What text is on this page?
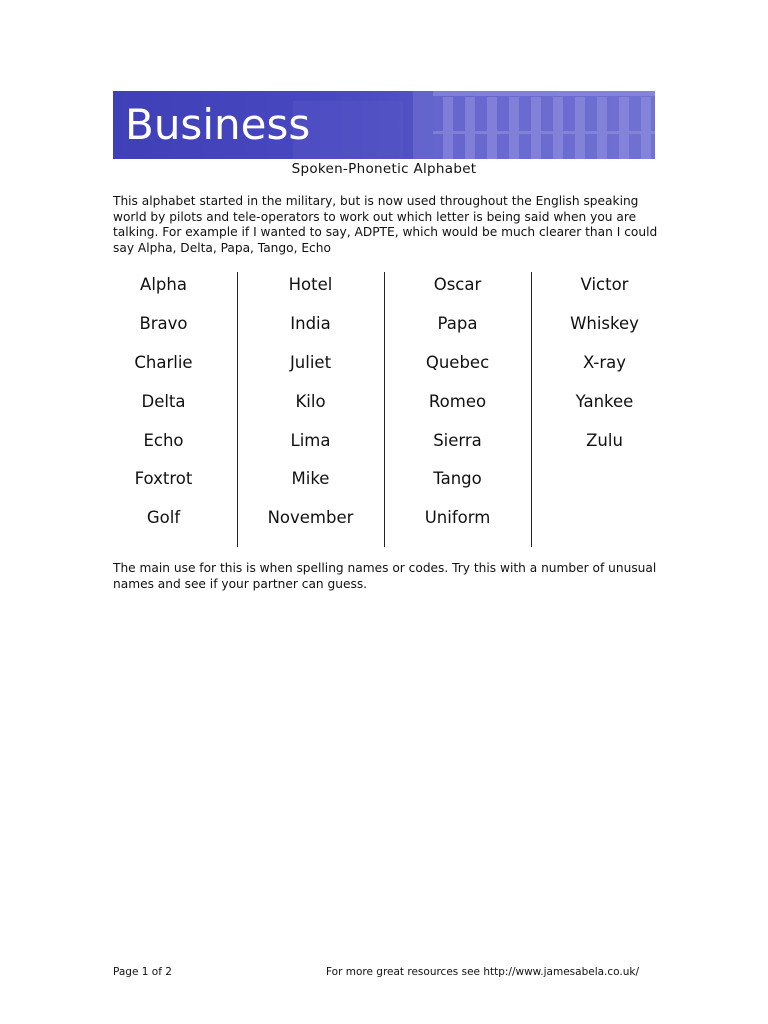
Business
Spoken-Phonetic Alphabet
This alphabet started in the military, but is now used throughout the English speaking world by pilots and tele-operators to work out which letter is being said when you are talking. For example if I wanted to say, ADPTE, which would be much clearer than I could say Alpha, Delta, Papa, Tango, Echo
Alpha
Bravo
Charlie
Delta
Echo
Foxtrot
Golf
Hotel
India
Juliet
Kilo
Lima
Mike
November
Oscar
Papa
Quebec
Romeo
Sierra
Tango
Uniform
Victor
Whiskey
X-ray
Yankee
Zulu
The main use for this is when spelling names or codes. Try this with a number of unusual names and see if your partner can guess.
Page 1 of 2	For more great resources see http://www.jamesabela.co.uk/
